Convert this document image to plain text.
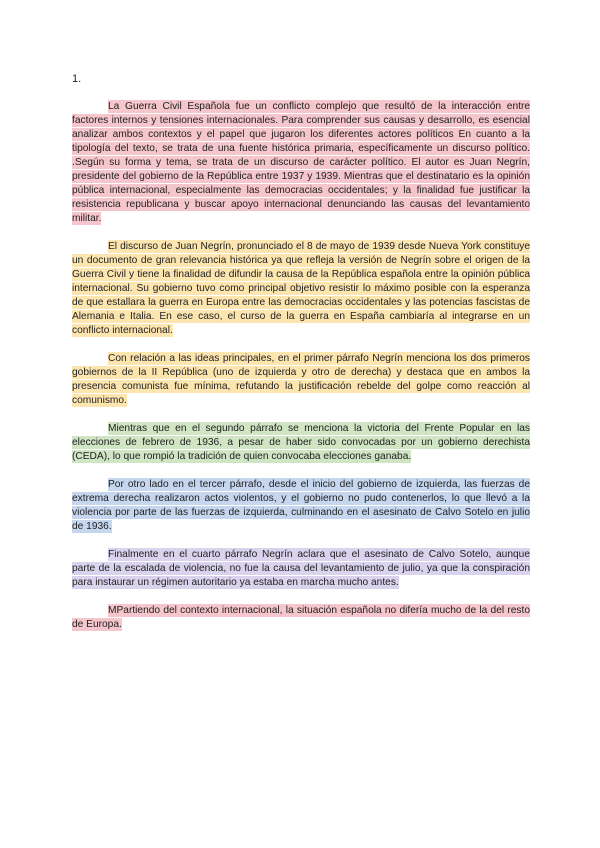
1.

La Guerra Civil Española fue un conflicto complejo que resultó de la interacción entre factores internos y tensiones internacionales. Para comprender sus causas y desarrollo, es esencial analizar ambos contextos y el papel que jugaron los diferentes actores políticos En cuanto a la tipología del texto, se trata de una fuente histórica primaria, específicamente un discurso político. .Según su forma y tema, se trata de un discurso de carácter político. El autor es Juan Negrín, presidente del gobierno de la República entre 1937 y 1939. Mientras que el destinatario es la opinión pública internacional, especialmente las democracias occidentales; y la finalidad fue justificar la resistencia republicana y buscar apoyo internacional denunciando las causas del levantamiento militar.

El discurso de Juan Negrín, pronunciado el 8 de mayo de 1939 desde Nueva York constituye un documento de gran relevancia histórica ya que refleja la versión de Negrín sobre el origen de la Guerra Civil y tiene la finalidad de difundir la causa de la República española entre la opinión pública internacional. Su gobierno tuvo como principal objetivo resistir lo máximo posible con la esperanza de que estallara la guerra en Europa entre las democracias occidentales y las potencias fascistas de Alemania e Italia. En ese caso, el curso de la guerra en España cambiaría al integrarse en un conflicto internacional.

Con relación a las ideas principales, en el primer párrafo Negrín menciona los dos primeros gobiernos de la II República (uno de izquierda y otro de derecha) y destaca que en ambos la presencia comunista fue mínima, refutando la justificación rebelde del golpe como reacción al comunismo.

Mientras que en el segundo párrafo se menciona la victoria del Frente Popular en las elecciones de febrero de 1936, a pesar de haber sido convocadas por un gobierno derechista (CEDA), lo que rompió la tradición de quien convocaba elecciones ganaba.

Por otro lado en el tercer párrafo, desde el inicio del gobierno de izquierda, las fuerzas de extrema derecha realizaron actos violentos, y el gobierno no pudo contenerlos, lo que llevó a la violencia por parte de las fuerzas de izquierda, culminando en el asesinato de Calvo Sotelo en julio de 1936.

Finalmente en el cuarto párrafo Negrín aclara que el asesinato de Calvo Sotelo, aunque parte de la escalada de violencia, no fue la causa del levantamiento de julio, ya que la conspiración para instaurar un régimen autoritario ya estaba en marcha mucho antes.

MPartiendo del contexto internacional, la situación española no difería mucho de la del resto de Europa.
